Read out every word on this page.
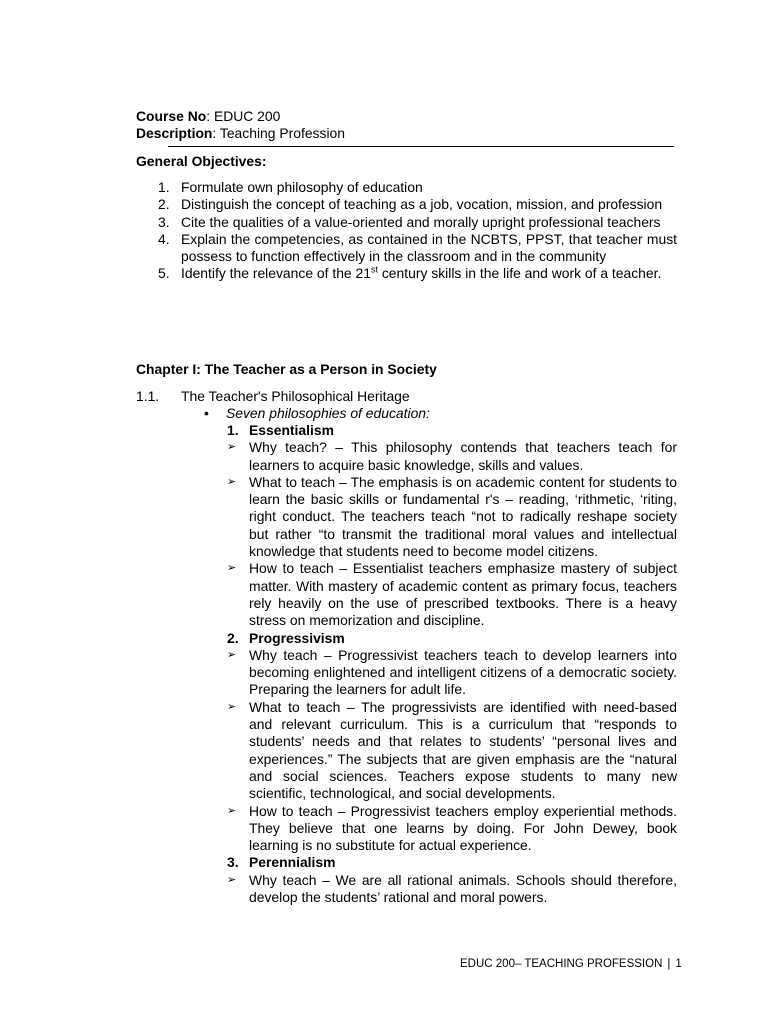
Course No: EDUC 200

Description: Teaching Profession

General Objectives:

1. Formulate own philosophy of education
2. Distinguish the concept of teaching as a job, vocation, mission, and profession
3. Cite the qualities of a value-oriented and morally upright professional teachers
4. Explain the competencies, as contained in the NCBTS, PPST, that teacher must possess to function effectively in the classroom and in the community
5. Identify the relevance of the 21st century skills in the life and work of a teacher.

Chapter I: The Teacher as a Person in Society

1.1. The Teacher's Philosophical Heritage
• Seven philosophies of education:
1. Essentialism
➢ Why teach? – This philosophy contends that teachers teach for learners to acquire basic knowledge, skills and values.
➢ What to teach – The emphasis is on academic content for students to learn the basic skills or fundamental r's – reading, ‘rithmetic, ‘riting, right conduct. The teachers teach “not to radically reshape society but rather “to transmit the traditional moral values and intellectual knowledge that students need to become model citizens.
➢ How to teach – Essentialist teachers emphasize mastery of subject matter. With mastery of academic content as primary focus, teachers rely heavily on the use of prescribed textbooks. There is a heavy stress on memorization and discipline.
2. Progressivism
➢ Why teach – Progressivist teachers teach to develop learners into becoming enlightened and intelligent citizens of a democratic society. Preparing the learners for adult life.
➢ What to teach – The progressivists are identified with need-based and relevant curriculum. This is a curriculum that “responds to students’ needs and that relates to students’ “personal lives and experiences.” The subjects that are given emphasis are the “natural and social sciences. Teachers expose students to many new scientific, technological, and social developments.
➢ How to teach – Progressivist teachers employ experiential methods. They believe that one learns by doing. For John Dewey, book learning is no substitute for actual experience.
3. Perennialism
➢ Why teach – We are all rational animals. Schools should therefore, develop the students’ rational and moral powers.
EDUC 200– TEACHING PROFESSION | 1
